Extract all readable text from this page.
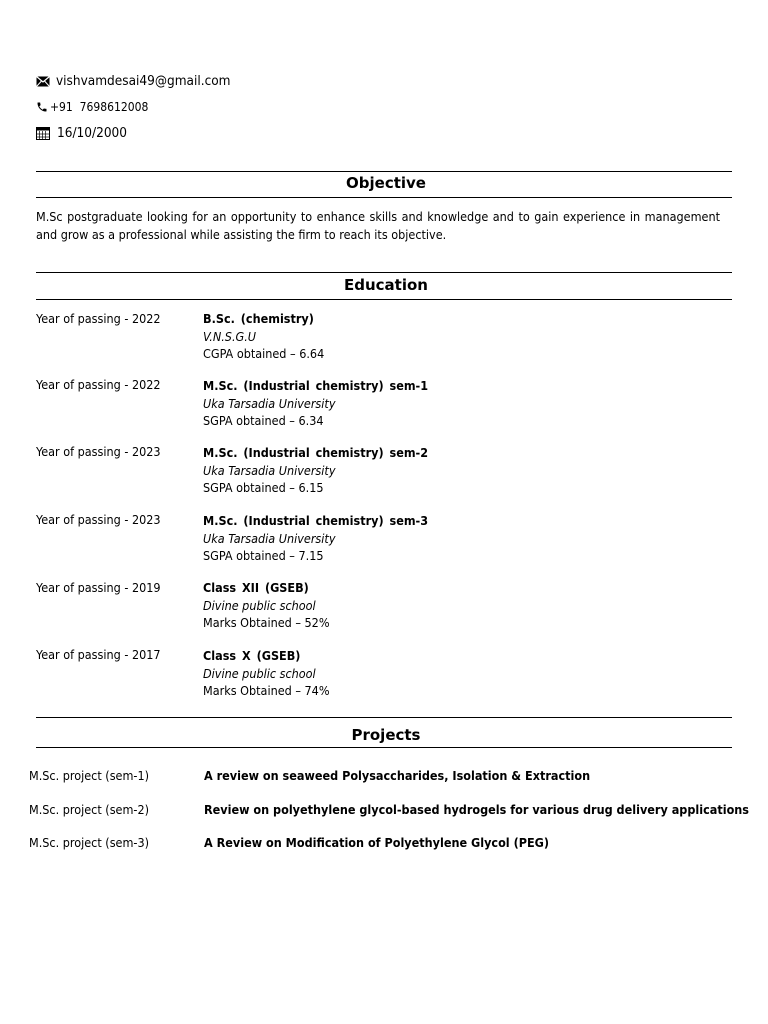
vishvamdesai49@gmail.com
+91  7698612008
16/10/2000
Objective
M.Sc postgraduate looking for an opportunity to enhance skills and knowledge and to gain experience in management and grow as a professional while assisting the firm to reach its objective.
Education
Year of passing - 2022	B.Sc. (chemistry)
V.N.S.G.U
CGPA obtained – 6.64
Year of passing - 2022	M.Sc. (Industrial chemistry) sem-1
Uka Tarsadia University
SGPA obtained – 6.34
Year of passing - 2023	M.Sc. (Industrial chemistry) sem-2
Uka Tarsadia University
SGPA obtained – 6.15
Year of passing - 2023	M.Sc. (Industrial chemistry) sem-3
Uka Tarsadia University
SGPA obtained – 7.15
Year of passing - 2019	Class XII (GSEB)
Divine public school
Marks Obtained – 52%
Year of passing - 2017	Class X (GSEB)
Divine public school
Marks Obtained – 74%
Projects
M.Sc. project (sem-1)	A review on seaweed Polysaccharides, Isolation & Extraction
M.Sc. project (sem-2)	Review on polyethylene glycol-based hydrogels for various drug delivery applications
M.Sc. project (sem-3)	A Review on Modification of Polyethylene Glycol (PEG)
